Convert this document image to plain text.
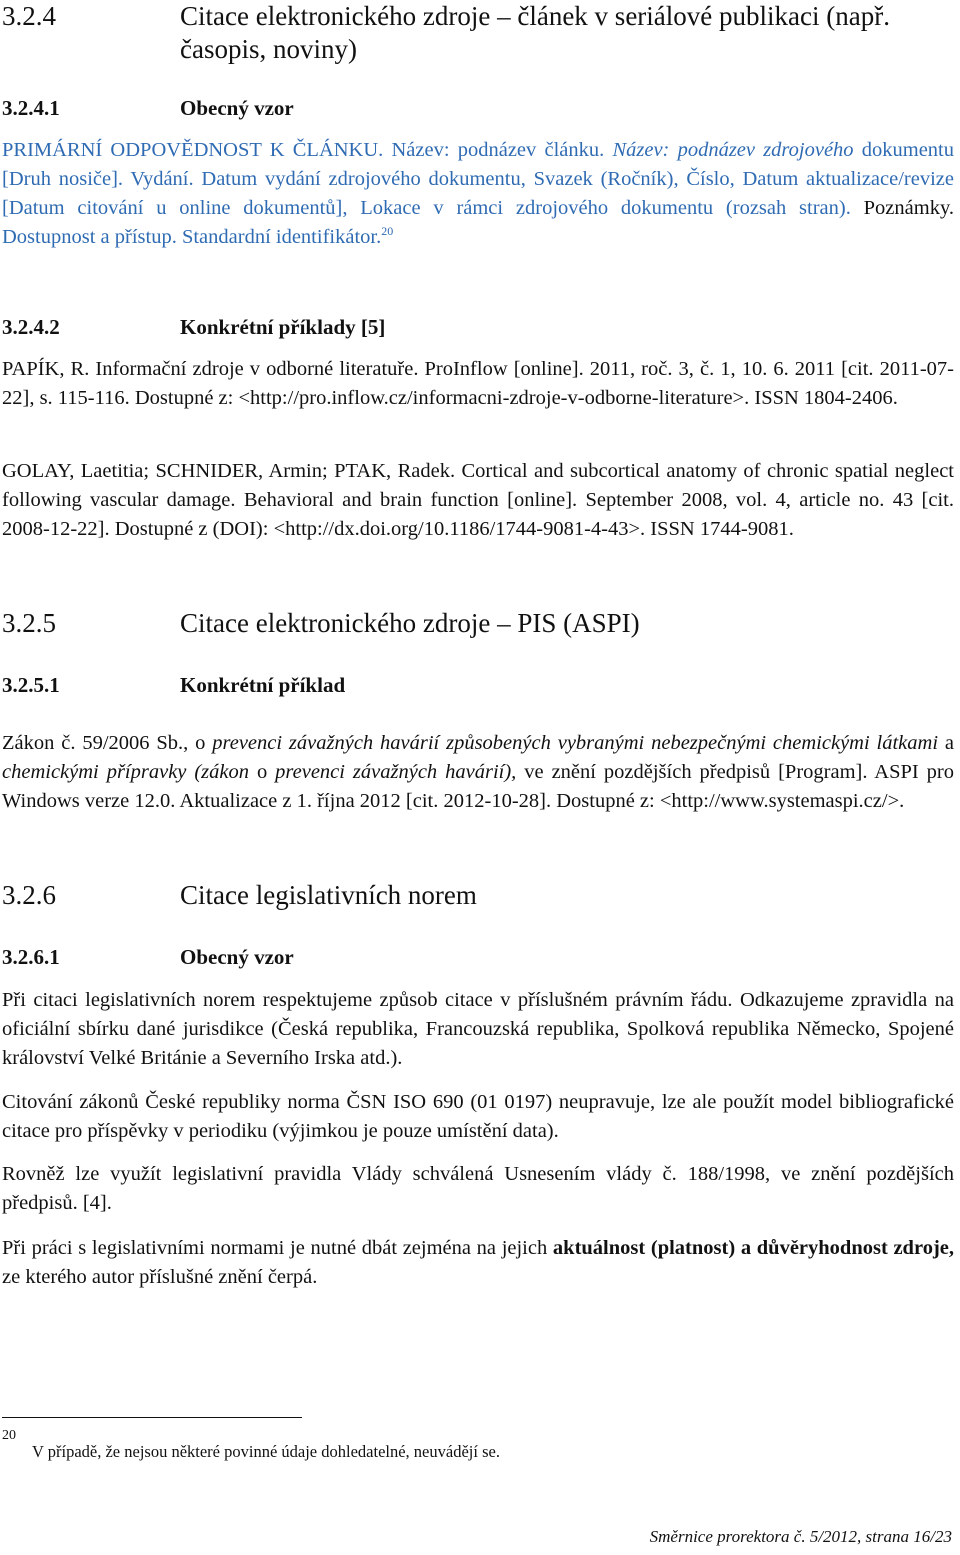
3.2.4	Citace elektronického zdroje – článek v seriálové publikaci (např. časopis, noviny)
3.2.4.1	Obecný vzor

PRIMÁRNÍ ODPOVĚDNOST K ČLÁNKU. Název: podnázev článku. Název: podnázev zdrojového dokumentu [Druh nosiče]. Vydání. Datum vydání zdrojového dokumentu, Svazek (Ročník), Číslo, Datum aktualizace/revize [Datum citování u online dokumentů], Lokace v rámci zdrojového dokumentu (rozsah stran). Poznámky. Dostupnost a přístup. Standardní identifikátor.$^{20}$

3.2.4.2	Konkrétní příklady [5]

PAPÍK, R. Informační zdroje v odborné literatuře. ProInflow [online]. 2011, roč. 3, č. 1, 10. 6. 2011 [cit. 2011-07-22], s. 115-116. Dostupné z: <http://pro.inflow.cz/informacni-zdroje-v-odborne-literature>. ISSN 1804-2406.

GOLAY, Laetitia; SCHNIDER, Armin; PTAK, Radek. Cortical and subcortical anatomy of chronic spatial neglect following vascular damage. Behavioral and brain function [online]. September 2008, vol. 4, article no. 43 [cit. 2008-12-22]. Dostupné z (DOI): <http://dx.doi.org/10.1186/1744-9081-4-43>. ISSN 1744-9081.

3.2.5	Citace elektronického zdroje – PIS (ASPI)
3.2.5.1	Konkrétní příklad

Zákon č. 59/2006 Sb., o prevenci závažných havárií způsobených vybranými nebezpečnými chemickými látkami a chemickými přípravky (zákon o prevenci závažných havárií), ve znění pozdějších předpisů [Program]. ASPI pro Windows verze 12.0. Aktualizace z 1. října 2012 [cit. 2012-10-28]. Dostupné z: <http://www.systemaspi.cz/>.

3.2.6	Citace legislativních norem
3.2.6.1	Obecný vzor

Při citaci legislativních norem respektujeme způsob citace v příslušném právním řádu. Odkazujeme zpravidla na oficiální sbírku dané jurisdikce (Česká republika, Francouzská republika, Spolková republika Německo, Spojené království Velké Británie a Severního Irska atd.).

Citování zákonů České republiky norma ČSN ISO 690 (01 0197) neupravuje, lze ale použít model bibliografické citace pro příspěvky v periodiku (výjimkou je pouze umístění data).

Rovněž lze využít legislativní pravidla Vlády schválená Usnesením vlády č. 188/1998, ve znění pozdějších předpisů. [4].

Při práci s legislativními normami je nutné dbát zejména na jejich aktuálnost (platnost) a důvěryhodnost zdroje, ze kterého autor příslušné znění čerpá.

20
V případě, že nejsou některé povinné údaje dohledatelné, neuvádějí se.
Směrnice prorektora č. 5/2012, strana 16/23
